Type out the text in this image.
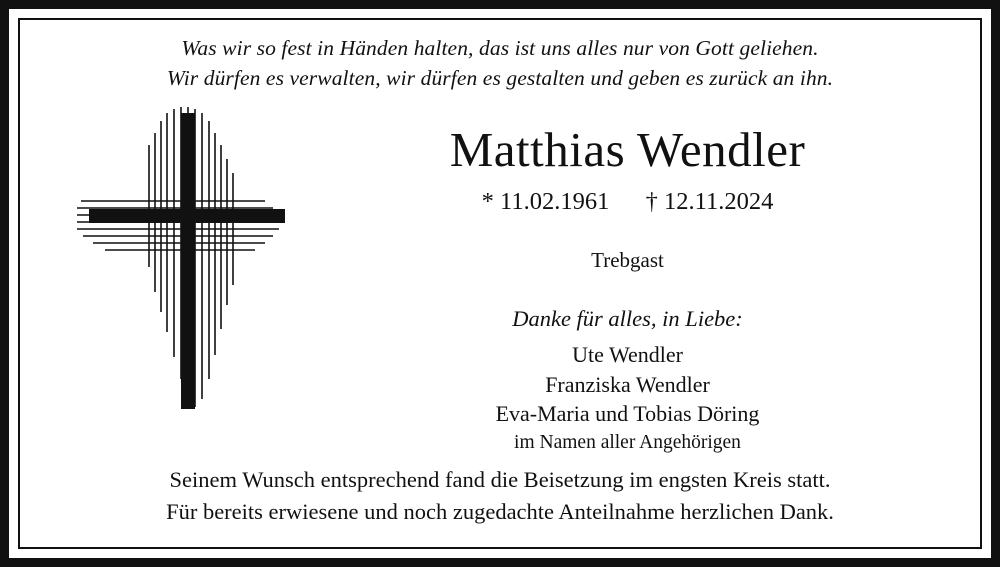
Was wir so fest in Händen halten, das ist uns alles nur von Gott geliehen.
Wir dürfen es verwalten, wir dürfen es gestalten und geben es zurück an ihn.
Matthias Wendler
* 11.02.1961 † 12.11.2024
Trebgast
Danke für alles, in Liebe:
Ute Wendler
Franziska Wendler
Eva-Maria und Tobias Döring
im Namen aller Angehörigen
Seinem Wunsch entsprechend fand die Beisetzung im engsten Kreis statt.
Für bereits erwiesene und noch zugedachte Anteilnahme herzlichen Dank.
